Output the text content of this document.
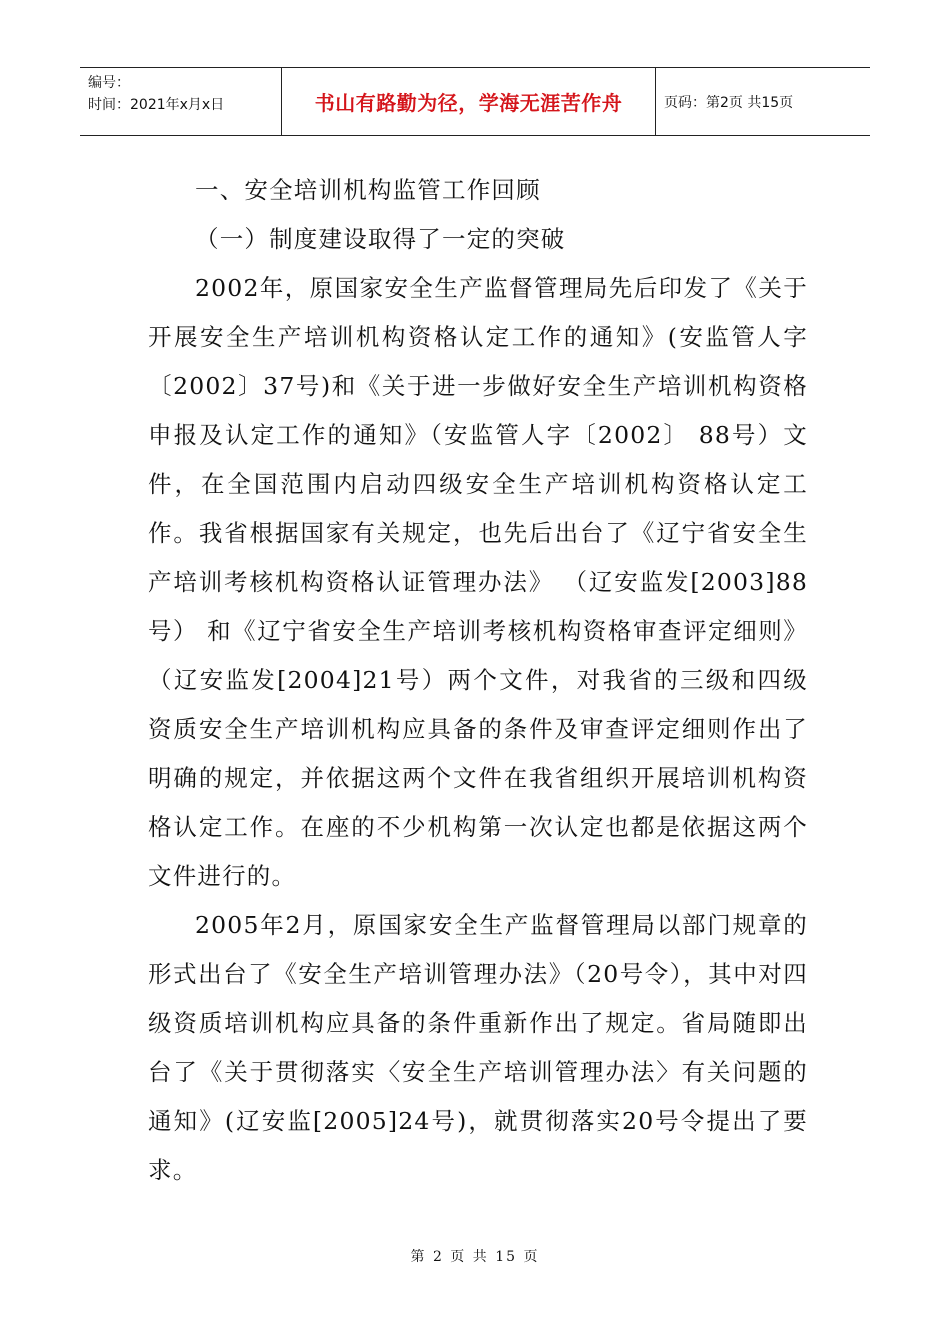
编号：
时间：2021年x月x日	书山有路勤为径，学海无涯苦作舟	页码：第2页 共15页

一、安全培训机构监管工作回顾

（一）制度建设取得了一定的突破

2002年，原国家安全生产监督管理局先后印发了《关于开展安全生产培训机构资格认定工作的通知》(安监管人字〔2002〕37号)和《关于进一步做好安全生产培训机构资格申报及认定工作的通知》（安监管人字〔2002〕 88号）文件，在全国范围内启动四级安全生产培训机构资格认定工作。我省根据国家有关规定，也先后出台了《辽宁省安全生产培训考核机构资格认证管理办法》 （辽安监发[2003]88号） 和《辽宁省安全生产培训考核机构资格审查评定细则》（辽安监发[2004]21号）两个文件，对我省的三级和四级资质安全生产培训机构应具备的条件及审查评定细则作出了明确的规定，并依据这两个文件在我省组织开展培训机构资格认定工作。在座的不少机构第一次认定也都是依据这两个文件进行的。

2005年2月，原国家安全生产监督管理局以部门规章的形式出台了《安全生产培训管理办法》（20号令），其中对四级资质培训机构应具备的条件重新作出了规定。省局随即出台了《关于贯彻落实〈安全生产培训管理办法〉有关问题的通知》(辽安监[2005]24号)，就贯彻落实20号令提出了要求。

第 2 页 共 15 页
